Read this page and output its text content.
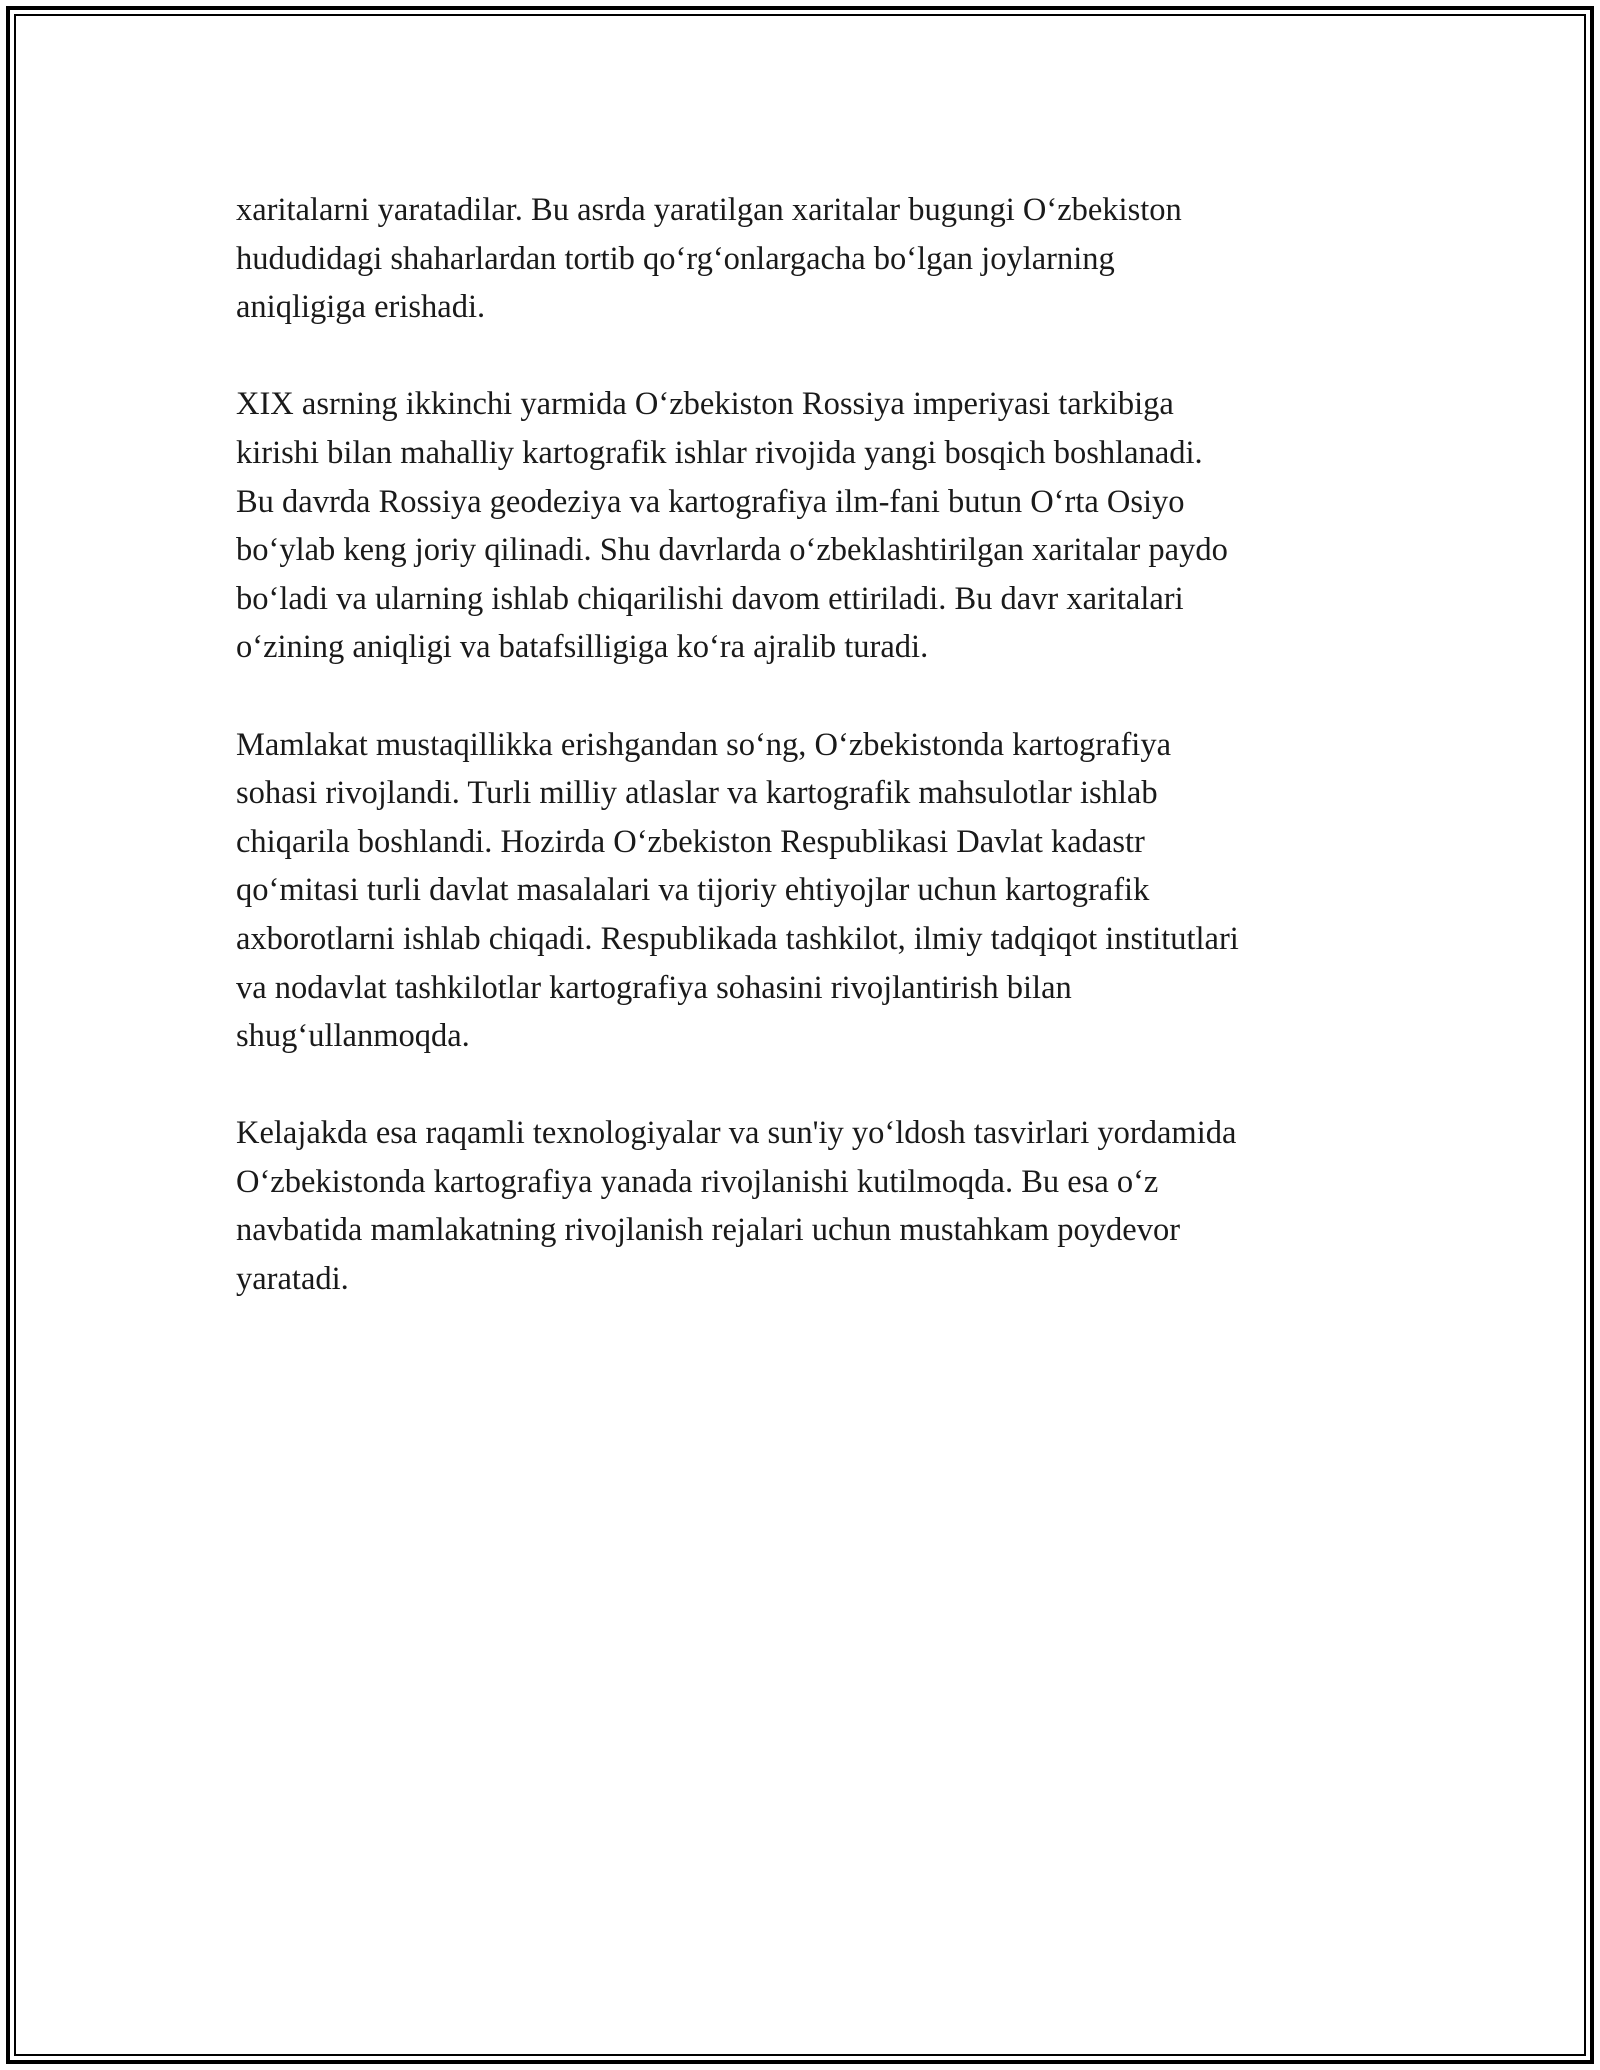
xaritalarni yaratadilar. Bu asrda yaratilgan xaritalar bugungi O‘zbekiston
hududidagi shaharlardan tortib qo‘rg‘onlargacha bo‘lgan joylarning
aniqligiga erishadi.

XIX asrning ikkinchi yarmida O‘zbekiston Rossiya imperiyasi tarkibiga
kirishi bilan mahalliy kartografik ishlar rivojida yangi bosqich boshlanadi.
Bu davrda Rossiya geodeziya va kartografiya ilm-fani butun O‘rta Osiyo
bo‘ylab keng joriy qilinadi. Shu davrlarda o‘zbeklashtirilgan xaritalar paydo
bo‘ladi va ularning ishlab chiqarilishi davom ettiriladi. Bu davr xaritalari
o‘zining aniqligi va batafsilligiga ko‘ra ajralib turadi.

Mamlakat mustaqillikka erishgandan so‘ng, O‘zbekistonda kartografiya
sohasi rivojlandi. Turli milliy atlaslar va kartografik mahsulotlar ishlab
chiqarila boshlandi. Hozirda O‘zbekiston Respublikasi Davlat kadastr
qo‘mitasi turli davlat masalalari va tijoriy ehtiyojlar uchun kartografik
axborotlarni ishlab chiqadi. Respublikada tashkilot, ilmiy tadqiqot institutlari
va nodavlat tashkilotlar kartografiya sohasini rivojlantirish bilan
shug‘ullanmoqda.

Kelajakda esa raqamli texnologiyalar va sun'iy yo‘ldosh tasvirlari yordamida
O‘zbekistonda kartografiya yanada rivojlanishi kutilmoqda. Bu esa o‘z
navbatida mamlakatning rivojlanish rejalari uchun mustahkam poydevor
yaratadi.
